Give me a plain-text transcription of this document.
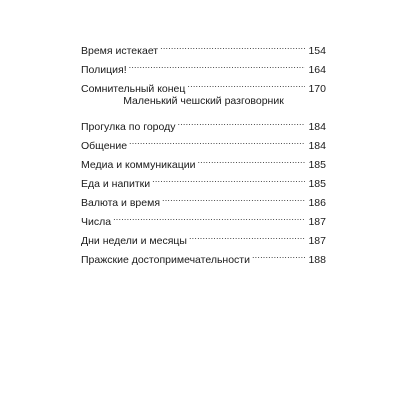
Время истекает .....	154
Полиция! .....	164
Сомнительный конец .....	170
Маленький чешский разговорник
Прогулка по городу .....	184
Общение .....	184
Медиа и коммуникации .....	185
Еда и напитки .....	185
Валюта и время .....	186
Числа .....	187
Дни недели и месяцы .....	187
Пражские достопримечательности .....	188
